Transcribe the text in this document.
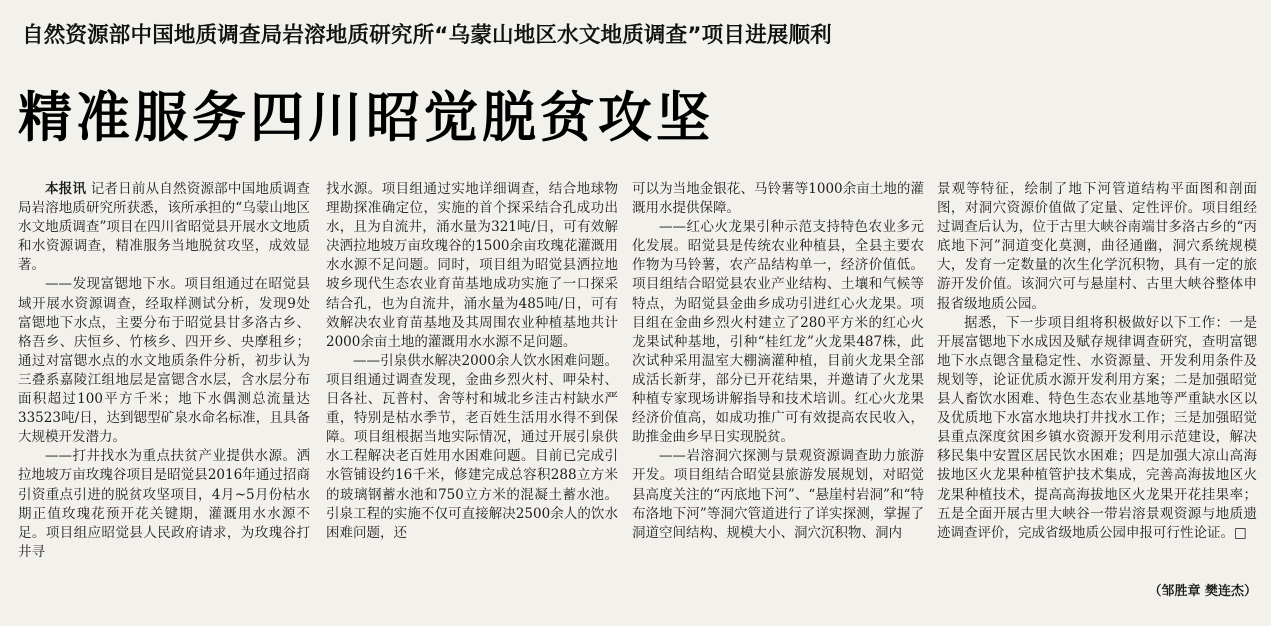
自然资源部中国地质调查局岩溶地质研究所“乌蒙山地区水文地质调查”项目进展顺利
精准服务四川昭觉脱贫攻坚

本报讯 记者日前从自然资源部中国地质调查局岩溶地质研究所获悉，该所承担的“乌蒙山地区水文地质调查”项目在四川省昭觉县开展水文地质和水资源调查，精准服务当地脱贫攻坚，成效显著。

——发现富锶地下水。项目组通过在昭觉县域开展水资源调查，经取样测试分析，发现9处富锶地下水点，主要分布于昭觉县甘多洛古乡、格吾乡、庆恒乡、竹核乡、四开乡、央摩租乡；通过对富锶水点的水文地质条件分析，初步认为三叠系嘉陵江组地层是富锶含水层，含水层分布面积超过100平方千米；地下水偶测总流量达33523吨/日，达到锶型矿泉水命名标准，且具备大规模开发潜力。

——打井找水为重点扶贫产业提供水源。洒拉地坡万亩玫瑰谷项目是昭觉县2016年通过招商引资重点引进的脱贫攻坚项目，4月~5月份枯水期正值玫瑰花预开花关键期，灌溉用水水源不足。项目组应昭觉县人民政府请求，为玫瑰谷打井寻

找水源。项目组通过实地详细调查，结合地球物理勘探准确定位，实施的首个探采结合孔成功出水，且为自流井，涌水量为321吨/日，可有效解决洒拉地坡万亩玫瑰谷的1500余亩玫瑰花灌溉用水水源不足问题。同时，项目组为昭觉县洒拉地坡乡现代生态农业育苗基地成功实施了一口探采结合孔，也为自流井，涌水量为485吨/日，可有效解决农业育苗基地及其周围农业种植基地共计2000余亩土地的灌溉用水水源不足问题。

——引泉供水解决2000余人饮水困难问题。项目组通过调查发现，金曲乡烈火村、呷朵村、日各社、瓦普村、舍等村和城北乡洼古村缺水严重，特别是枯水季节，老百姓生活用水得不到保障。项目组根据当地实际情况，通过开展引泉供水工程解决老百姓用水困难问题。目前已完成引水管铺设约16千米，修建完成总容积288立方米的玻璃钢蓄水池和750立方米的混凝土蓄水池。引泉工程的实施不仅可直接解决2500余人的饮水困难问题，还

可以为当地金银花、马铃薯等1000余亩土地的灌溉用水提供保障。

——红心火龙果引种示范支持特色农业多元化发展。昭觉县是传统农业种植县，全县主要农作物为马铃薯，农产品结构单一，经济价值低。项目组结合昭觉县农业产业结构、土壤和气候等特点，为昭觉县金曲乡成功引进红心火龙果。项目组在金曲乡烈火村建立了280平方米的红心火龙果试种基地，引种“桂红龙”火龙果487株，此次试种采用温室大棚滴灌种植，目前火龙果全部成活长新芽，部分已开花结果，并邀请了火龙果种植专家现场讲解指导和技术培训。红心火龙果经济价值高，如成功推广可有效提高农民收入，助推金曲乡早日实现脱贫。

——岩溶洞穴探测与景观资源调查助力旅游开发。项目组结合昭觉县旅游发展规划，对昭觉县高度关注的“丙底地下河”、“悬崖村岩洞”和“特布洛地下河”等洞穴管道进行了详实探测，掌握了洞道空间结构、规模大小、洞穴沉积物、洞内

景观等特征，绘制了地下河管道结构平面图和剖面图，对洞穴资源价值做了定量、定性评价。项目组经过调查后认为，位于古里大峡谷南端甘多洛古乡的“丙底地下河”洞道变化莫测，曲径通幽，洞穴系统规模大，发育一定数量的次生化学沉积物，具有一定的旅游开发价值。该洞穴可与悬崖村、古里大峡谷整体申报省级地质公园。

据悉，下一步项目组将积极做好以下工作：一是开展富锶地下水成因及赋存规律调查研究，查明富锶地下水点锶含量稳定性、水资源量、开发利用条件及规划等，论证优质水源开发利用方案；二是加强昭觉县人畜饮水困难、特色生态农业基地等严重缺水区以及优质地下水富水地块打井找水工作；三是加强昭觉县重点深度贫困乡镇水资源开发利用示范建设，解决移民集中安置区居民饮水困难；四是加强大凉山高海拔地区火龙果种植管护技术集成，完善高海拔地区火龙果种植技术，提高高海拔地区火龙果开花挂果率；五是全面开展古里大峡谷一带岩溶景观资源与地质遗迹调查评价，完成省级地质公园申报可行性论证。□

（邹胜章 樊连杰）
